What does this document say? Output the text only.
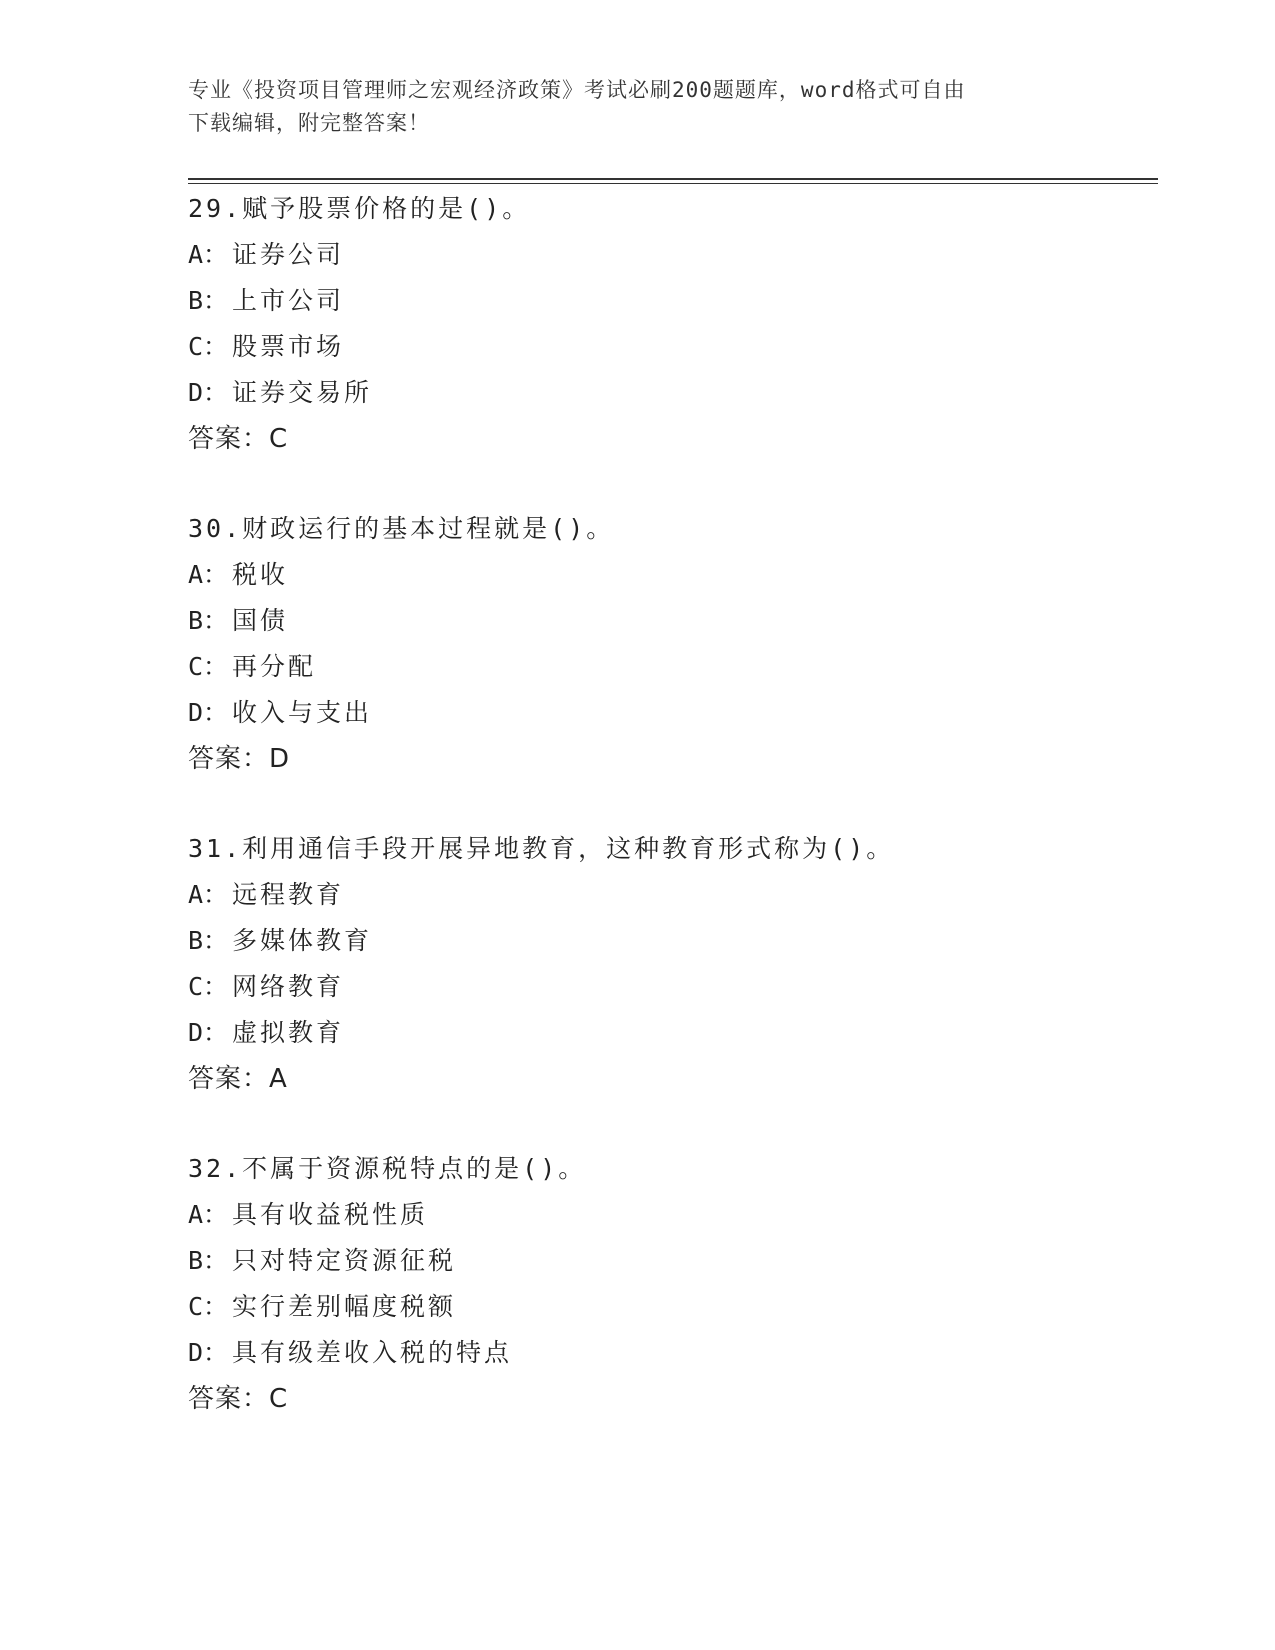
专业《投资项目管理师之宏观经济政策》考试必刷200题题库，word格式可自由
下载编辑，附完整答案！
29.赋予股票价格的是()。
A： 证券公司
B： 上市公司
C： 股票市场
D： 证券交易所
答案：C
30.财政运行的基本过程就是()。
A： 税收
B： 国债
C： 再分配
D： 收入与支出
答案：D
31.利用通信手段开展异地教育，这种教育形式称为()。
A： 远程教育
B： 多媒体教育
C： 网络教育
D： 虚拟教育
答案：A
32.不属于资源税特点的是()。
A： 具有收益税性质
B： 只对特定资源征税
C： 实行差别幅度税额
D： 具有级差收入税的特点
答案：C
